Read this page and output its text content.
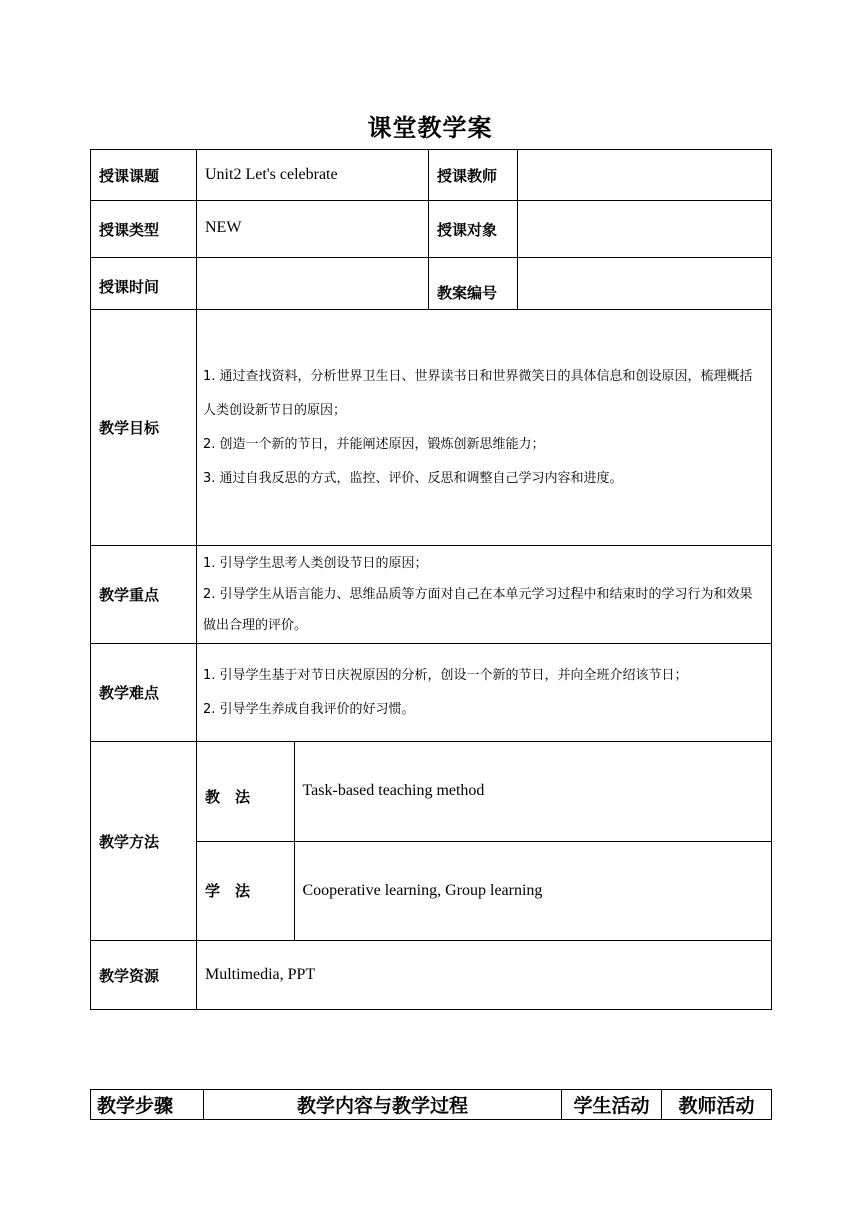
课堂教学案
授课课题	Unit2 Let's celebrate	授课教师	
授课类型	NEW	授课对象	
授课时间		教案编号	
教学目标	
1. 通过查找资料，分析世界卫生日、世界读书日和世界微笑日的具体信息和创设原因，梳理概括人类创设新节日的原因；
2. 创造一个新的节日，并能阐述原因，锻炼创新思维能力；
3. 通过自我反思的方式，监控、评价、反思和调整自己学习内容和进度。

教学重点	
1. 引导学生思考人类创设节日的原因；
2. 引导学生从语言能力、思维品质等方面对自己在本单元学习过程中和结束时的学习行为和效果做出合理的评价。

教学难点	
1. 引导学生基于对节日庆祝原因的分析，创设一个新的节日，并向全班介绍该节日；
2. 引导学生养成自我评价的好习惯。

教学方法	
教　法	Task-based teaching method
学　法	Cooperative learning, Group learning

教学资源	Multimedia, PPT
教学步骤	教学内容与教学过程	学生活动	教师活动
